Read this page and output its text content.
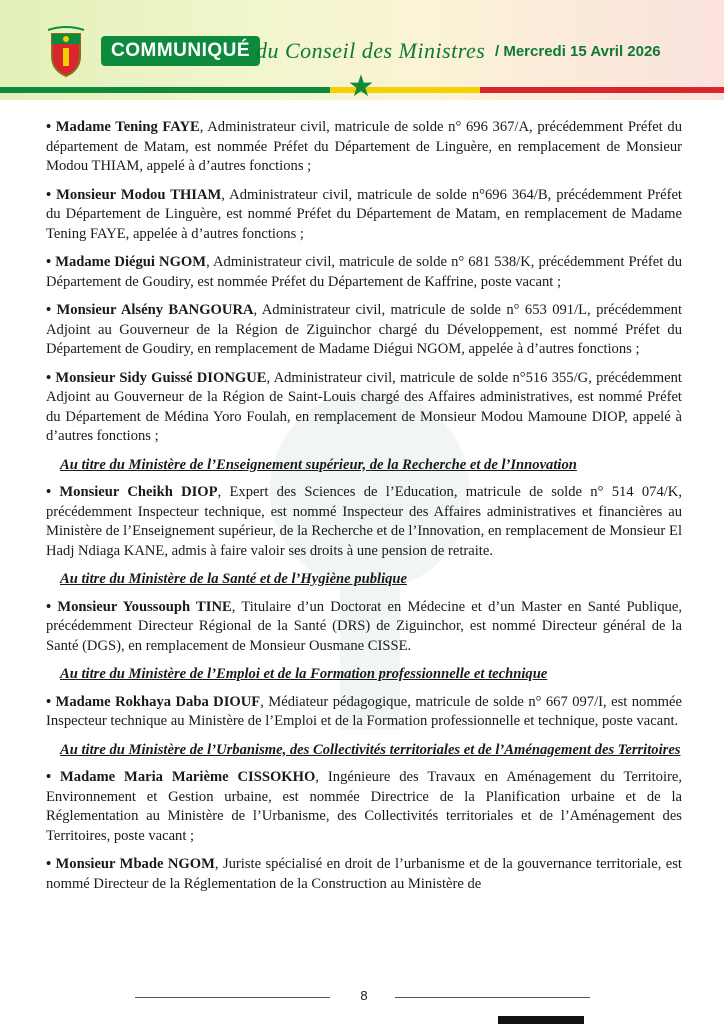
COMMUNIQUÉ du Conseil des Ministres / Mercredi 15 Avril 2026
★

• Madame Tening FAYE, Administrateur civil, matricule de solde n° 696 367/A, précédemment Préfet du département de Matam, est nommée Préfet du Département de Linguère, en remplacement de Monsieur Modou THIAM, appelé à d’autres fonctions ;

• Monsieur Modou THIAM, Administrateur civil, matricule de solde n°696 364/B, précédemment Préfet du Département de Linguère, est nommé Préfet du Département de Matam, en remplacement de Madame Tening FAYE, appelée à d’autres fonctions ;

• Madame Diégui NGOM, Administrateur civil, matricule de solde n° 681 538/K, précédemment Préfet du Département de Goudiry, est nommée Préfet du Département de Kaffrine, poste vacant ;

• Monsieur Alsény BANGOURA, Administrateur civil, matricule de solde n° 653 091/L, précédemment Adjoint au Gouverneur de la Région de Ziguinchor chargé du Développement, est nommé Préfet du Département de Goudiry, en remplacement de Madame Diégui NGOM, appelée à d’autres fonctions ;

• Monsieur Sidy Guissé DIONGUE, Administrateur civil, matricule de solde n°516 355/G, précédemment Adjoint au Gouverneur de la Région de Saint-Louis chargé des Affaires administratives, est nommé Préfet du Département de Médina Yoro Foulah, en remplacement de Monsieur Modou Mamoune DIOP, appelé à d’autres fonctions ;

Au titre du Ministère de l’Enseignement supérieur, de la Recherche et de l’Innovation

• Monsieur Cheikh DIOP, Expert des Sciences de l’Education, matricule de solde n° 514 074/K, précédemment Inspecteur technique, est nommé Inspecteur des Affaires administratives et financières au Ministère de l’Enseignement supérieur, de la Recherche et de l’Innovation, en remplacement de Monsieur El Hadj Ndiaga KANE, admis à faire valoir ses droits à une pension de retraite.

Au titre du Ministère de la Santé et de l’Hygiène publique

• Monsieur Youssouph TINE, Titulaire d’un Doctorat en Médecine et d’un Master en Santé Publique, précédemment Directeur Régional de la Santé (DRS) de Ziguinchor, est nommé Directeur général de la Santé (DGS), en remplacement de Monsieur Ousmane CISSE.

Au titre du Ministère de l’Emploi et de la Formation professionnelle et technique

• Madame Rokhaya Daba DIOUF, Médiateur pédagogique, matricule de solde n° 667 097/I, est nommée Inspecteur technique au Ministère de l’Emploi et de la Formation professionnelle et technique, poste vacant.

Au titre du Ministère de l’Urbanisme, des Collectivités territoriales et de l’Aménagement des Territoires

• Madame Maria Marième CISSOKHO, Ingénieure des Travaux en Aménagement du Territoire, Environnement et Gestion urbaine, est nommée Directrice de la Planification urbaine et de la Réglementation au Ministère de l’Urbanisme, des Collectivités territoriales et de l’Aménagement des Territoires, poste vacant ;

• Monsieur Mbade NGOM, Juriste spécialisé en droit de l’urbanisme et de la gouvernance territoriale, est nommé Directeur de la Réglementation de la Construction au Ministère de

8
